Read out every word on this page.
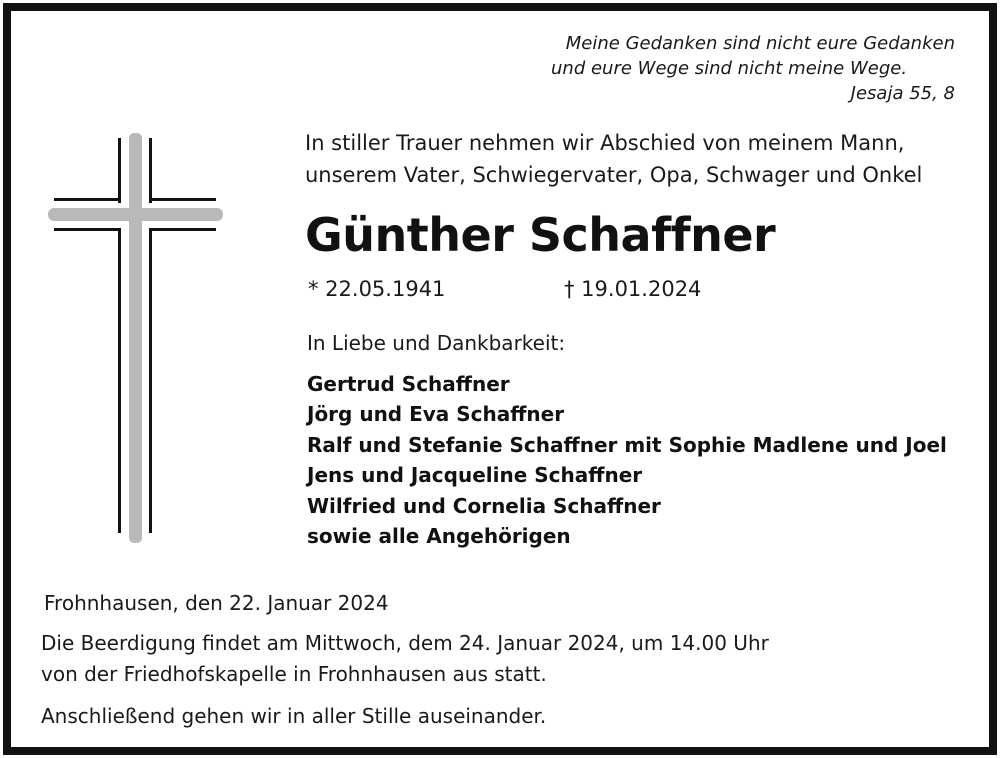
Meine Gedanken sind nicht eure Gedanken
und eure Wege sind nicht meine Wege.
Jesaja 55, 8
In stiller Trauer nehmen wir Abschied von meinem Mann,
unserem Vater, Schwiegervater, Opa, Schwager und Onkel
Günther Schaffner
* 22.05.1941	† 19.01.2024
In Liebe und Dankbarkeit:
Gertrud Schaffner
Jörg und Eva Schaffner
Ralf und Stefanie Schaffner mit Sophie Madlene und Joel
Jens und Jacqueline Schaffner
Wilfried und Cornelia Schaffner
sowie alle Angehörigen
Frohnhausen, den 22. Januar 2024
Die Beerdigung findet am Mittwoch, dem 24. Januar 2024, um 14.00 Uhr
von der Friedhofskapelle in Frohnhausen aus statt.
Anschließend gehen wir in aller Stille auseinander.
